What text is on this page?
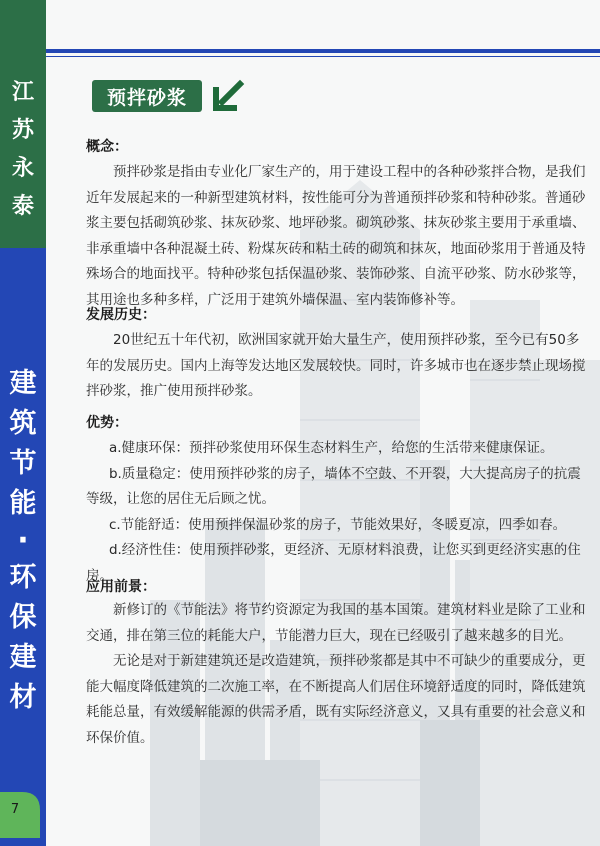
江
苏
永
泰
建
筑
节
能
·
环
保
建
材
7
预拌砂浆

概念：

预拌砂浆是指由专业化厂家生产的，用于建设工程中的各种砂浆拌合物，是我们近年发展起来的一种新型建筑材料，按性能可分为普通预拌砂浆和特种砂浆。普通砂浆主要包括砌筑砂浆、抹灰砂浆、地坪砂浆。砌筑砂浆、抹灰砂浆主要用于承重墙、非承重墙中各种混凝土砖、粉煤灰砖和粘土砖的砌筑和抹灰，地面砂浆用于普通及特殊场合的地面找平。特种砂浆包括保温砂浆、装饰砂浆、自流平砂浆、防水砂浆等，其用途也多种多样，广泛用于建筑外墙保温、室内装饰修补等。

发展历史：

20世纪五十年代初，欧洲国家就开始大量生产，使用预拌砂浆，至今已有50多年的发展历史。国内上海等发达地区发展较快。同时，许多城市也在逐步禁止现场搅拌砂浆，推广使用预拌砂浆。

优势：

a.健康环保：预拌砂浆使用环保生态材料生产，给您的生活带来健康保证。

b.质量稳定：使用预拌砂浆的房子，墙体不空鼓、不开裂，大大提高房子的抗震等级，让您的居住无后顾之忧。

c.节能舒适：使用预拌保温砂浆的房子，节能效果好，冬暖夏凉，四季如春。

d.经济性佳：使用预拌砂浆，更经济、无原材料浪费，让您买到更经济实惠的住房。

应用前景：

新修订的《节能法》将节约资源定为我国的基本国策。建筑材料业是除了工业和交通，排在第三位的耗能大户，节能潜力巨大，现在已经吸引了越来越多的目光。

无论是对于新建建筑还是改造建筑，预拌砂浆都是其中不可缺少的重要成分，更能大幅度降低建筑的二次施工率，在不断提高人们居住环境舒适度的同时，降低建筑耗能总量，有效缓解能源的供需矛盾，既有实际经济意义，又具有重要的社会意义和环保价值。
